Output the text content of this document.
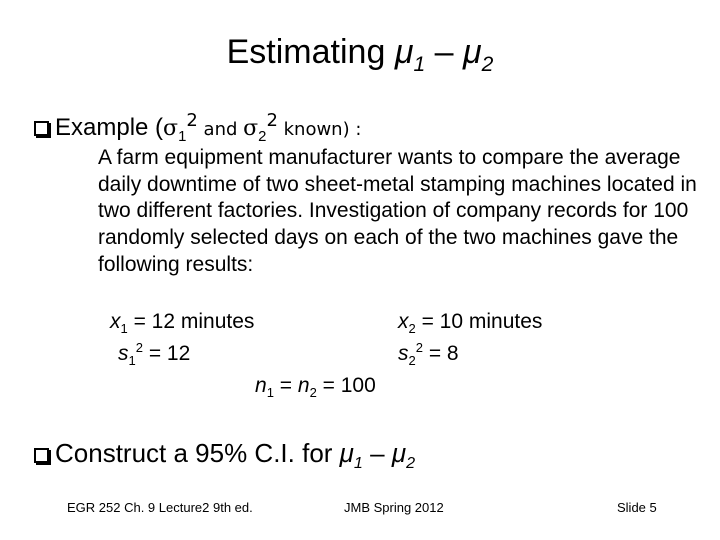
Estimating $\mu_1 - \mu_2$
Example ($\sigma_1^2$ and $\sigma_2^2$ known) :

A farm equipment manufacturer wants to compare the average daily downtime of two sheet-metal stamping machines located in two different factories. Investigation of company records for 100 randomly selected days on each of the two machines gave the following results:

$x_1 = 12$ minutes	$x_2 = 10$ minutes
$s_1^2 = 12$	$s_2^2 = 8$
$n_1 = n_2 = 100$
Construct a 95% C.I. for $\mu_1 - \mu_2$
EGR 252 Ch. 9 Lecture2 9th ed.	JMB Spring 2012	Slide 5
